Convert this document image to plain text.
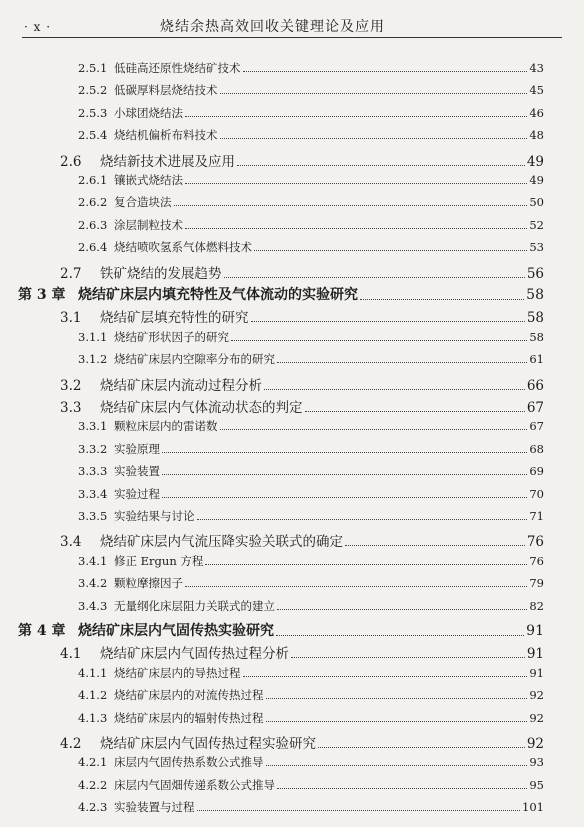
· x ·	烧结余热高效回收关键理论及应用
2.5.1 低硅高还原性烧结矿技术	43
2.5.2 低碳厚料层烧结技术	45
2.5.3 小球团烧结法	46
2.5.4 烧结机偏析布料技术	48
2.6	烧结新技术进展及应用	49
2.6.1 镶嵌式烧结法	49
2.6.2 复合造块法	50
2.6.3 涂层制粒技术	52
2.6.4 烧结喷吹氢系气体燃料技术	53
2.7	铁矿烧结的发展趋势	56
第 3 章 烧结矿床层内填充特性及气体流动的实验研究	58
3.1	烧结矿层填充特性的研究	58
3.1.1 烧结矿形状因子的研究	58
3.1.2 烧结矿床层内空隙率分布的研究	61
3.2	烧结矿床层内流动过程分析	66
3.3	烧结矿床层内气体流动状态的判定	67
3.3.1 颗粒床层内的雷诺数	67
3.3.2 实验原理	68
3.3.3 实验装置	69
3.3.4 实验过程	70
3.3.5 实验结果与讨论	71
3.4	烧结矿床层内气流压降实验关联式的确定	76
3.4.1 修正 Ergun 方程	76
3.4.2 颗粒摩擦因子	79
3.4.3 无量纲化床层阻力关联式的建立	82
第 4 章 烧结矿床层内气固传热实验研究	91
4.1	烧结矿床层内气固传热过程分析	91
4.1.1 烧结矿床层内的导热过程	91
4.1.2 烧结矿床层内的对流传热过程	92
4.1.3 烧结矿床层内的辐射传热过程	92
4.2	烧结矿床层内气固传热过程实验研究	92
4.2.1 床层内气固传热系数公式推导	93
4.2.2 床层内气固畑传递系数公式推导	95
4.2.3 实验装置与过程	101
